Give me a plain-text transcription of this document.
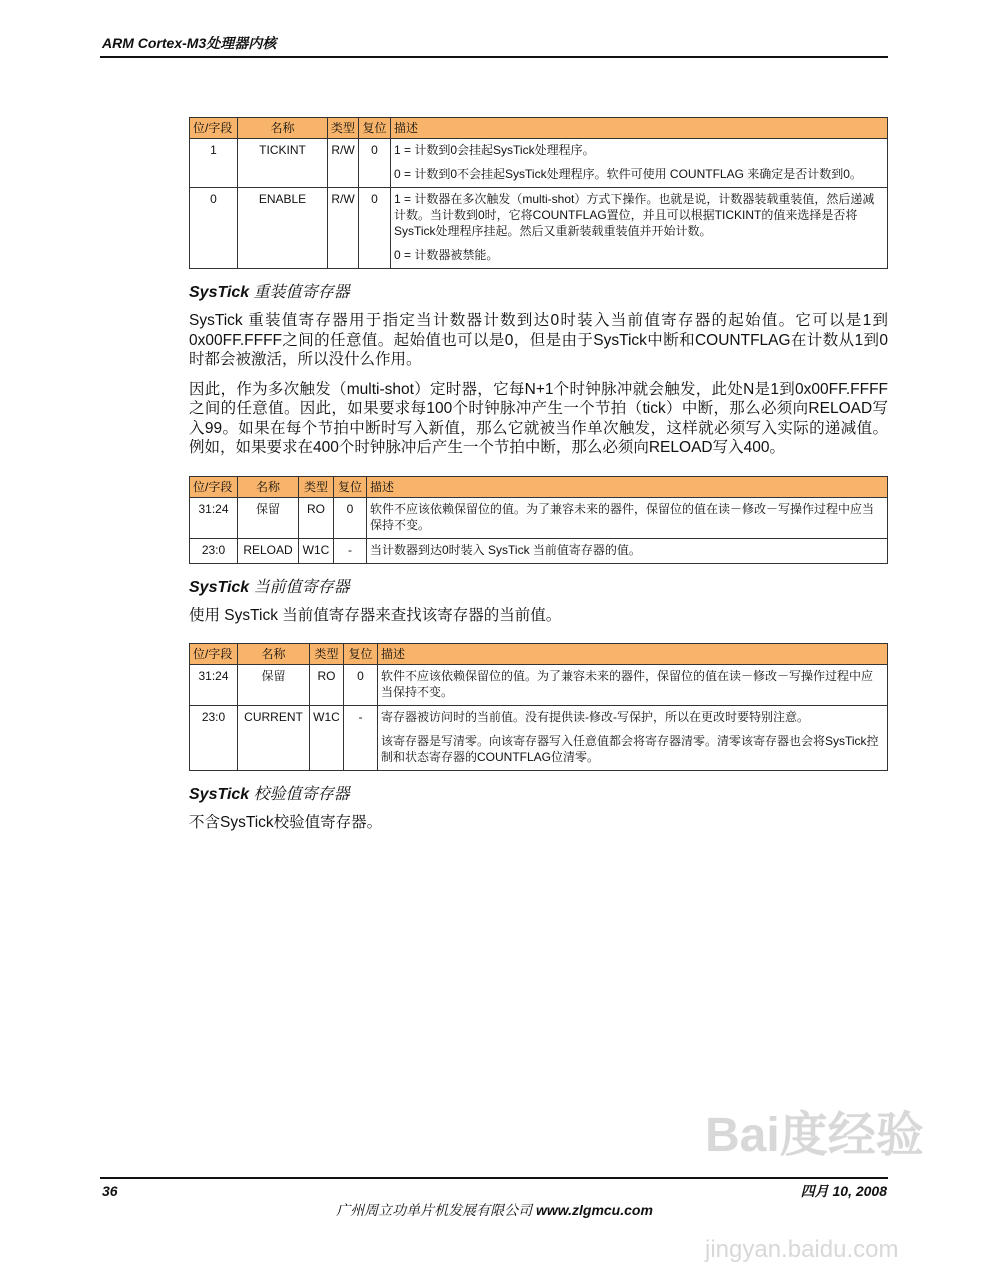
ARM Cortex-M3处理器内核
位/字段	名称	类型	复位	描述
1	TICKINT	R/W	0	1 = 计数到0会挂起SysTick处理程序。

0 = 计数到0不会挂起SysTick处理程序。软件可使用 COUNTFLAG 来确定是否计数到0。

0	ENABLE	R/W	0	1 = 计数器在多次触发（multi-shot）方式下操作。也就是说，计数器装载重装值，然后递减计数。当计数到0时，它将COUNTFLAG置位，并且可以根据TICKINT的值来选择是否将SysTick处理程序挂起。然后又重新装载重装值并开始计数。

0 = 计数器被禁能。

SysTick 重装值寄存器
SysTick 重装值寄存器用于指定当计数器计数到达0时装入当前值寄存器的起始值。它可以是1到0x00FF.FFFF之间的任意值。起始值也可以是0，但是由于SysTick中断和COUNTFLAG在计数从1到0时都会被激活，所以没什么作用。
因此，作为多次触发（multi-shot）定时器，它每N+1个时钟脉冲就会触发，此处N是1到0x00FF.FFFF之间的任意值。因此，如果要求每100个时钟脉冲产生一个节拍（tick）中断，那么必须向RELOAD写入99。如果在每个节拍中断时写入新值，那么它就被当作单次触发，这样就必须写入实际的递减值。例如，如果要求在400个时钟脉冲后产生一个节拍中断，那么必须向RELOAD写入400。
位/字段	名称	类型	复位	描述
31:24	保留	RO	0	软件不应该依赖保留位的值。为了兼容未来的器件，保留位的值在读－修改－写操作过程中应当保持不变。

23:0	RELOAD	W1C	-	当计数器到达0时装入 SysTick 当前值寄存器的值。

SysTick 当前值寄存器
使用 SysTick 当前值寄存器来查找该寄存器的当前值。
位/字段	名称	类型	复位	描述
31:24	保留	RO	0	软件不应该依赖保留位的值。为了兼容未来的器件，保留位的值在读－修改－写操作过程中应当保持不变。

23:0	CURRENT	W1C	-	寄存器被访问时的当前值。没有提供读-修改-写保护，所以在更改时要特别注意。

该寄存器是写清零。向该寄存器写入任意值都会将寄存器清零。清零该寄存器也会将SysTick控制和状态寄存器的COUNTFLAG位清零。

SysTick 校验值寄存器
不含SysTick校验值寄存器。
Bai度经验
36	四月 10, 2008
广州周立功单片机发展有限公司 www.zlgmcu.com
jingyan.baidu.com
